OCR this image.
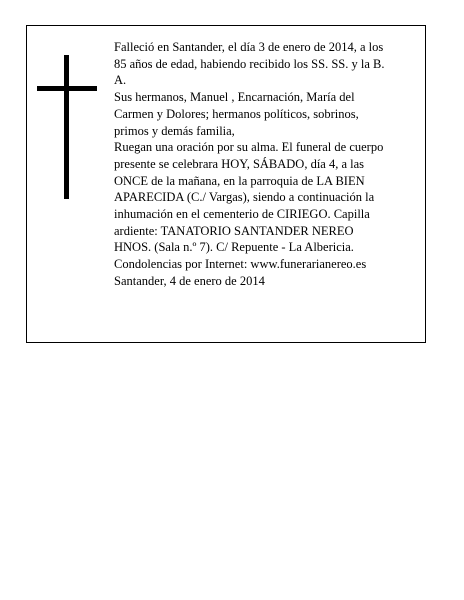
Falleció en Santander, el día 3 de enero de 2014, a los
85 años de edad, habiendo recibido los SS. SS. y la B.
A.

Sus hermanos, Manuel , Encarnación, María del
Carmen y Dolores; hermanos políticos, sobrinos,
primos y demás familia,

Ruegan una oración por su alma. El funeral de cuerpo
presente se celebrara HOY, SÁBADO, día 4, a las
ONCE de la mañana, en la parroquia de LA BIEN
APARECIDA (C./ Vargas), siendo a continuación la
inhumación en el cementerio de CIRIEGO. Capilla
ardiente: TANATORIO SANTANDER NEREO
HNOS. (Sala n.º 7). C/ Repuente - La Albericia.

Condolencias por Internet: www.funerarianereo.es

Santander, 4 de enero de 2014
